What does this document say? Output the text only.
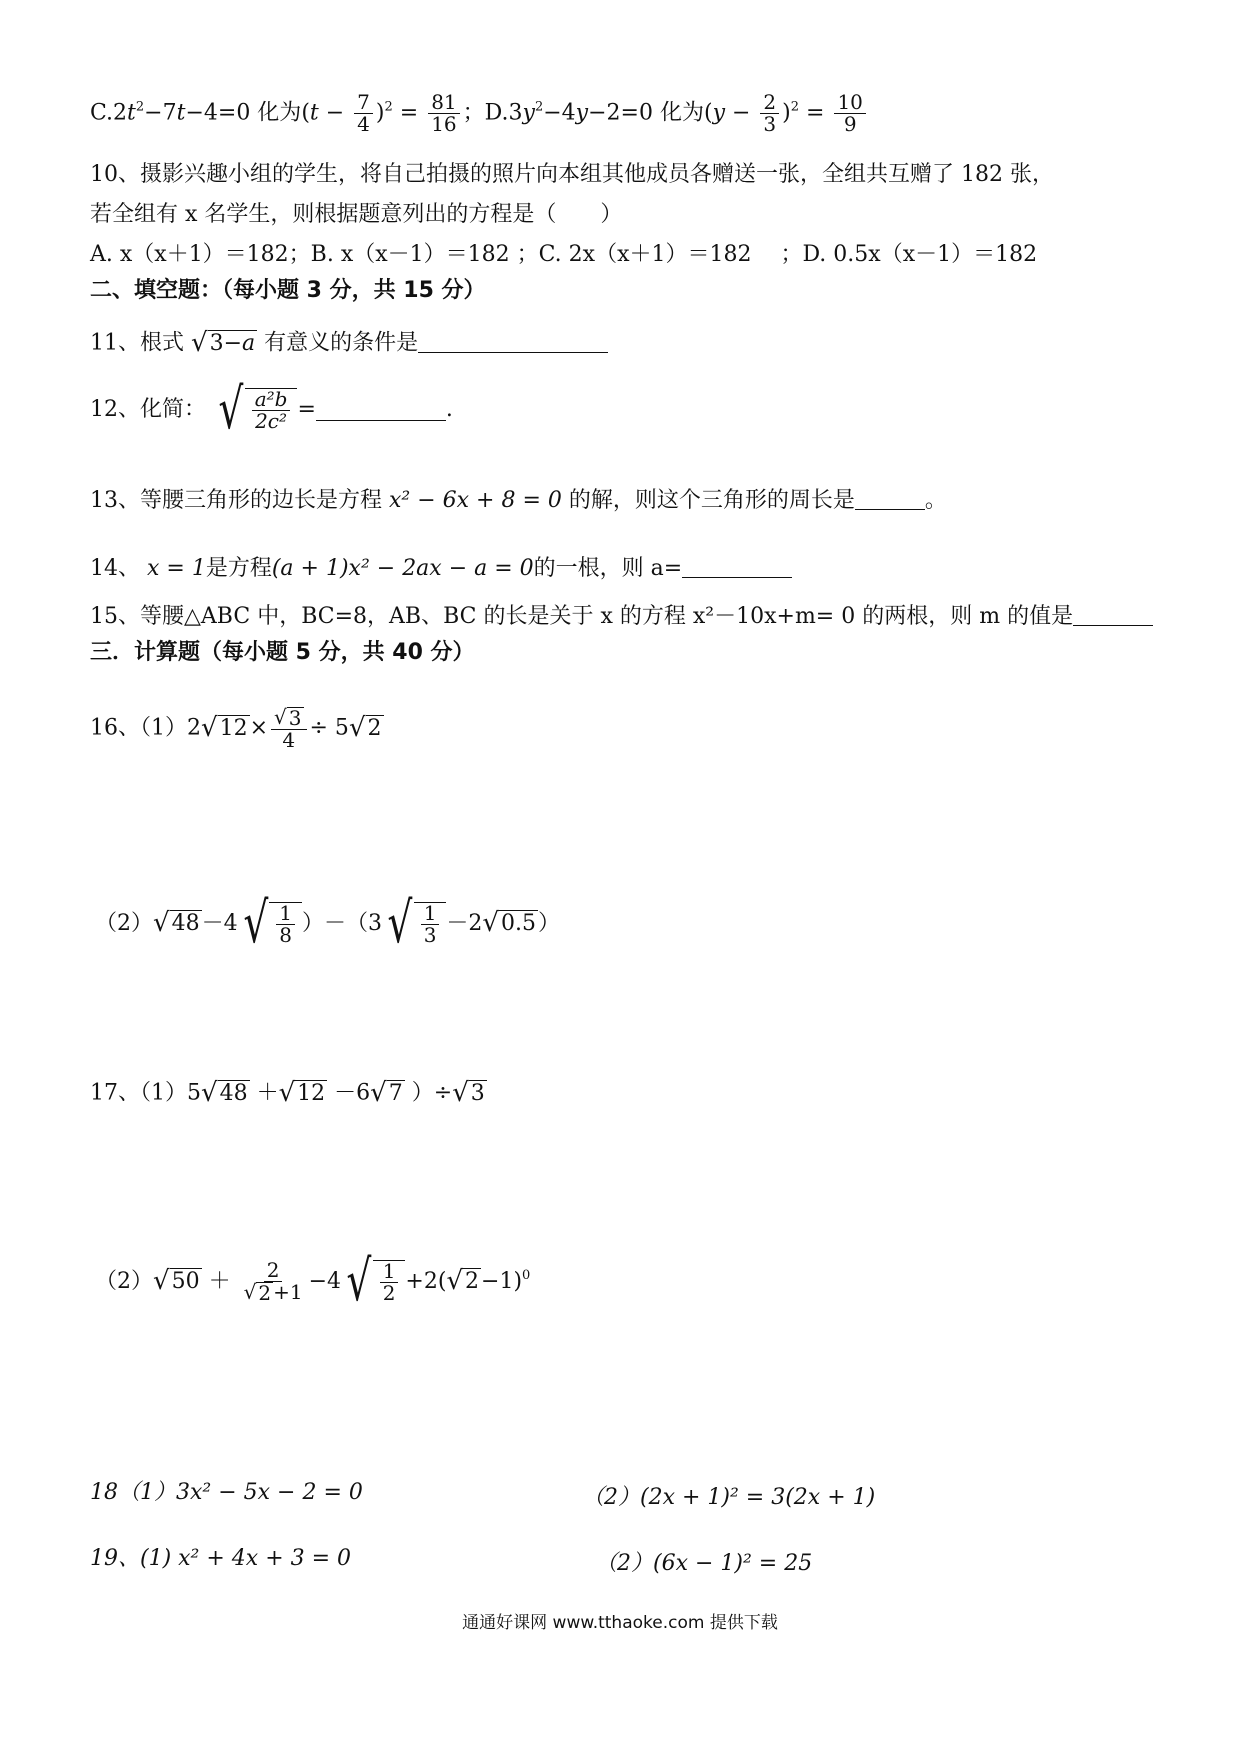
$C.2t^2-7t-4=0$ 化为$(t - \frac{7}{4} )^2 = \frac{81}{16}$ ；$D.3y^2-4y-2=0$ 化为$(y - \frac{2}{3} )^2 = \frac{10}{9}$
10、摄影兴趣小组的学生，将自己拍摄的照片向本组其他成员各赠送一张，全组共互赠了 182 张，
若全组有 x 名学生，则根据题意列出的方程是（　　）
A. x（x＋1）＝182；B. x（x－1）＝182 ；C. 2x（x＋1）＝182 　；D. 0.5x（x－1）＝182
二、填空题：（每小题 3 分，共 15 分）
11、根式 √ 3−a 有意义的条件是
12、化简： √ $\frac{\text{a²b}}{\text{2c²}}$ =	.
13、等腰三角形的边长是方程 x² − 6x + 8 = 0 的解，则这个三角形的周长是	。
14、 x = 1是方程(a + 1)x² − 2ax − a = 0的一根，则 a=
15、等腰△ABC 中，BC=8，AB、BC 的长是关于 x 的方程 x²－10x+m= 0 的两根，则 m 的值是
三．计算题（每小题 5 分，共 40 分）
16、（1）2 √ $12 \times \frac{√ 3}{4} \div 5$ √ 2
（2） √ 48 －4 √ $\frac{1}{8} )-(3$ √ $\frac{1}{3} -2$ √ 0.5 ）
17、（1）5 √ 48 ＋ √ 12 －6 √ 7 ）÷ √ 3
（2） √ $50 + \frac{2}{√ 2 +1} -4$ √ $\frac{1}{2} +2$( √ 2 −1)$^0$
18（1）3x² − 5x − 2 = 0	（2）(2x + 1)² = 3(2x + 1)
19、(1) x² + 4x + 3 = 0	（2）(6x − 1)² = 25
通通好课网 www.tthaoke.com 提供下载
